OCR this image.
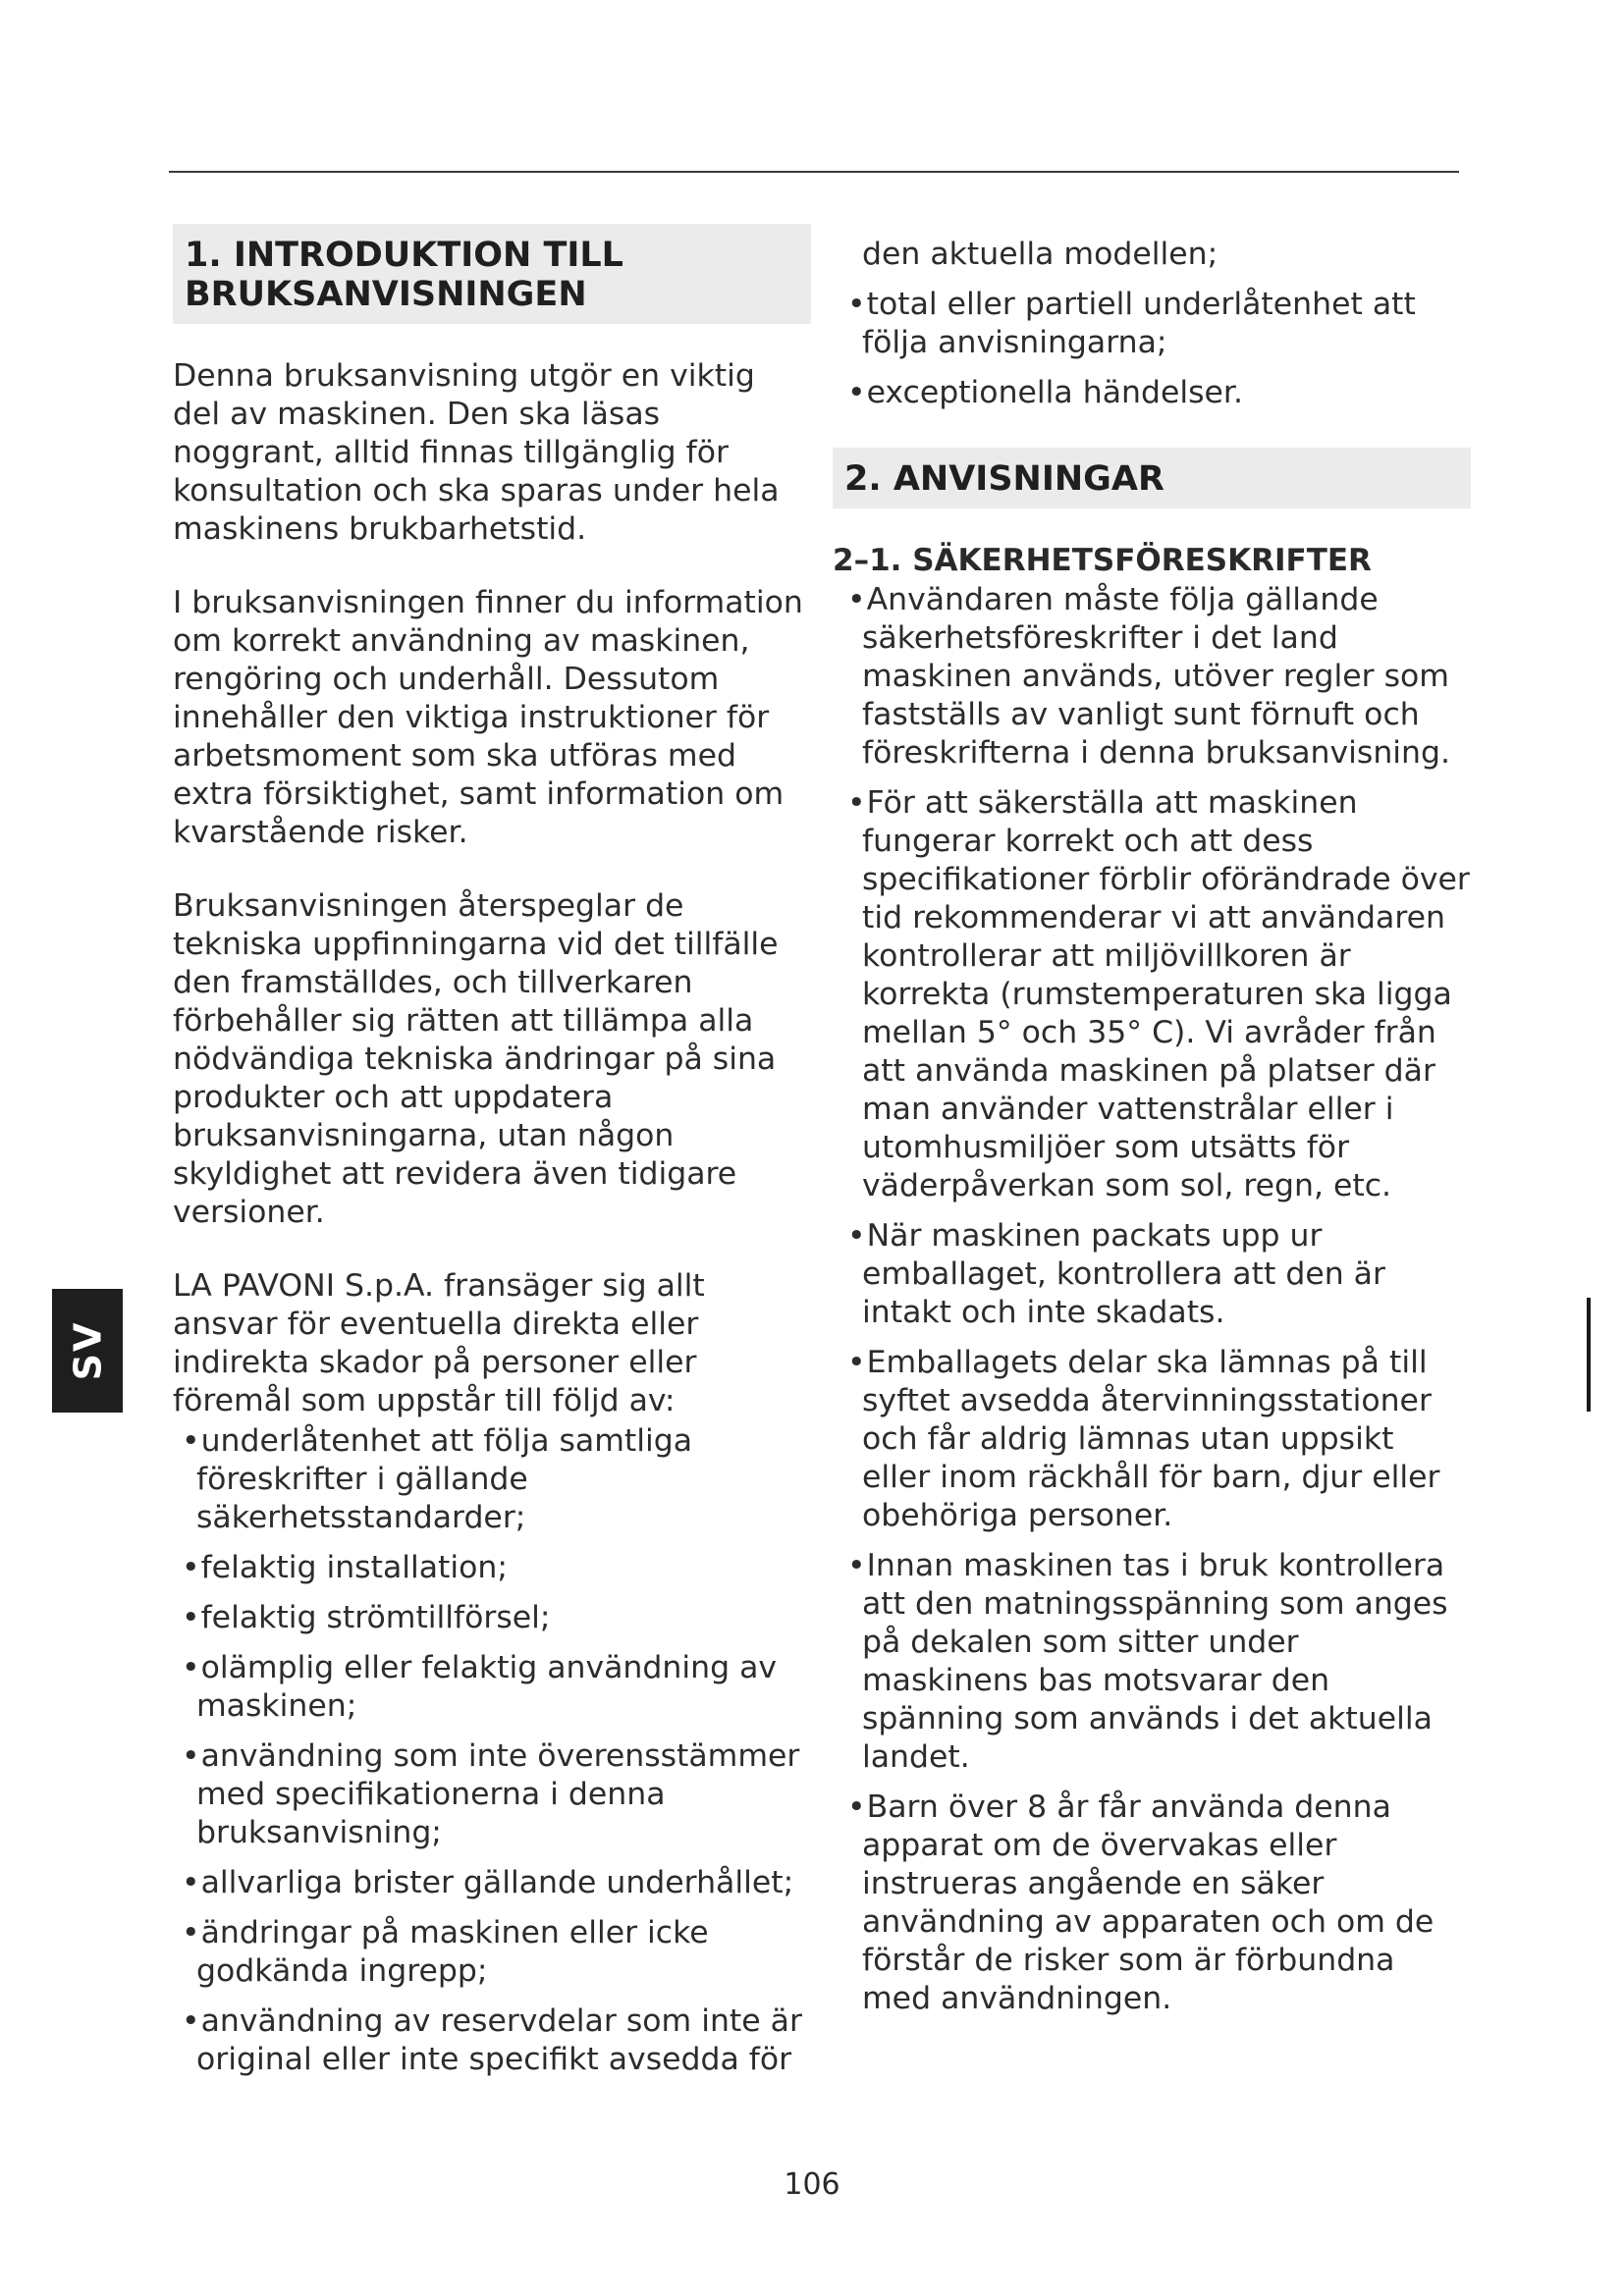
1. INTRODUKTION TILL BRUKSANVISNINGEN

Denna bruksanvisning utgör en viktig del av maskinen. Den ska läsas noggrant, alltid finnas tillgänglig för konsultation och ska sparas under hela maskinens brukbarhetstid.

I bruksanvisningen finner du information om korrekt användning av maskinen, rengöring och underhåll. Dessutom innehåller den viktiga instruktioner för arbetsmoment som ska utföras med extra försiktighet, samt information om kvarstående risker.

Bruksanvisningen återspeglar de tekniska uppfinningarna vid det tillfälle den framställdes, och tillverkaren förbehåller sig rätten att tillämpa alla nödvändiga tekniska ändringar på sina produkter och att uppdatera bruksanvisningarna, utan någon skyldighet att revidera även tidigare versioner.

LA PAVONI S.p.A. fransäger sig allt ansvar för eventuella direkta eller indirekta skador på personer eller föremål som uppstår till följd av:

• underlåtenhet att följa samtliga föreskrifter i gällande säkerhetsstandarder;
• felaktig installation;
• felaktig strömtillförsel;
• olämplig eller felaktig användning av maskinen;
• användning som inte överensstämmer med specifikationerna i denna bruksanvisning;
• allvarliga brister gällande underhållet;
• ändringar på maskinen eller icke godkända ingrepp;
• användning av reservdelar som inte är original eller inte specifikt avsedda för

den aktuella modellen;

• total eller partiell underlåtenhet att följa anvisningarna;
• exceptionella händelser.
2. ANVISNINGAR
2–1. SÄKERHETSFÖRESKRIFTER
• Användaren måste följa gällande säkerhetsföreskrifter i det land maskinen används, utöver regler som fastställs av vanligt sunt förnuft och föreskrifterna i denna bruksanvisning.
• För att säkerställa att maskinen fungerar korrekt och att dess specifikationer förblir oförändrade över tid rekommenderar vi att användaren kontrollerar att miljövillkoren är korrekta (rumstemperaturen ska ligga mellan 5° och 35° C). Vi avråder från att använda maskinen på platser där man använder vattenstrålar eller i utomhusmiljöer som utsätts för väderpåverkan som sol, regn, etc.
• När maskinen packats upp ur emballaget, kontrollera att den är intakt och inte skadats.
• Emballagets delar ska lämnas på till syftet avsedda återvinningsstationer och får aldrig lämnas utan uppsikt eller inom räckhåll för barn, djur eller obehöriga personer.
• Innan maskinen tas i bruk kontrollera att den matningsspänning som anges på dekalen som sitter under maskinens bas motsvarar den spänning som används i det aktuella landet.
• Barn över 8 år får använda denna apparat om de övervakas eller instrueras angående en säker användning av apparaten och om de förstår de risker som är förbundna med användningen.
SV
106
